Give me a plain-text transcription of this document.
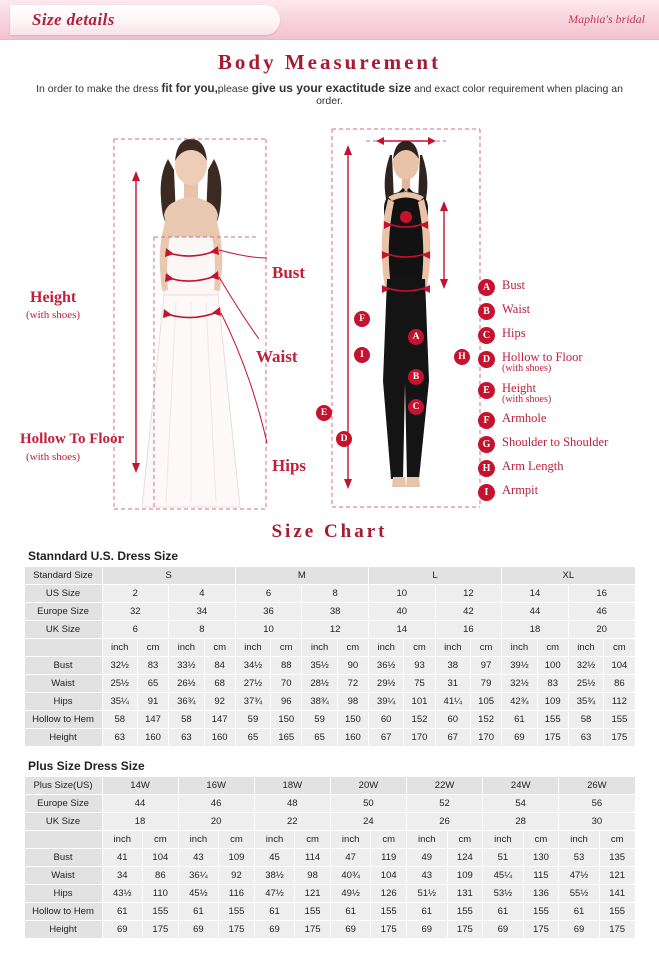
Size details	Maphia's bridal
Body Measurement
In order to make the dress fit for you,please give us your exactitude size and exact color requirement when placing an order.
Height
(with shoes)
Hollow To Floor
(with shoes)
Bust
Waist
Hips
F
I
A
B
C
H
E
D
A Bust
B Waist
C Hips
D Hollow to Floor
(with shoes)
E Height
(with shoes)
F Armhole
G Shoulder to Shoulder
H Arm Length
I	Armpit
Size Chart
Stanndard U.S. Dress Size
Standard Size	S				M				L				XL			
US Size	2		4		6		8		10		12		14		16	
Europe Size	32		34		36		38		40		42		44		46	
UK Size	6		8		10		12		14		16		18		20	
	inch	cm	inch	cm	inch	cm	inch	cm	inch	cm	inch	cm	inch	cm	inch	cm
Bust	32½	83	33½	84	34½	88	35½	90	36½	93	38	97	39½	100	32½	104
Waist	25½	65	26½	68	27½	70	28½	72	29½	75	31	79	32½	83	25½	86
Hips	35¼	91	36¾	92	37¾	96	38¾	98	39¼	101	41¼	105	42¾	109	35¾	112
Hollow to Hem	58	147	58	147	59	150	59	150	60	152	60	152	61	155	58	155
Height	63	160	63	160	65	165	65	160	67	170	67	170	69	175	63	175
Plus Size Dress Size
Plus Size(US)	14W		16W		18W		20W		22W		24W		26W	
Europe Size	44		46		48		50		52		54		56	
UK Size	18		20		22		24		26		28		30	
	inch	cm	inch	cm	inch	cm	inch	cm	inch	cm	inch	cm	inch	cm
Bust	41	104	43	109	45	114	47	119	49	124	51	130	53	135
Waist	34	86	36¼	92	38½	98	40¾	104	43	109	45¼	115	47½	121
Hips	43½	110	45½	116	47½	121	49½	126	51½	131	53½	136	55½	141
Hollow to Hem	61	155	61	155	61	155	61	155	61	155	61	155	61	155
Height	69	175	69	175	69	175	69	175	69	175	69	175	69	175
